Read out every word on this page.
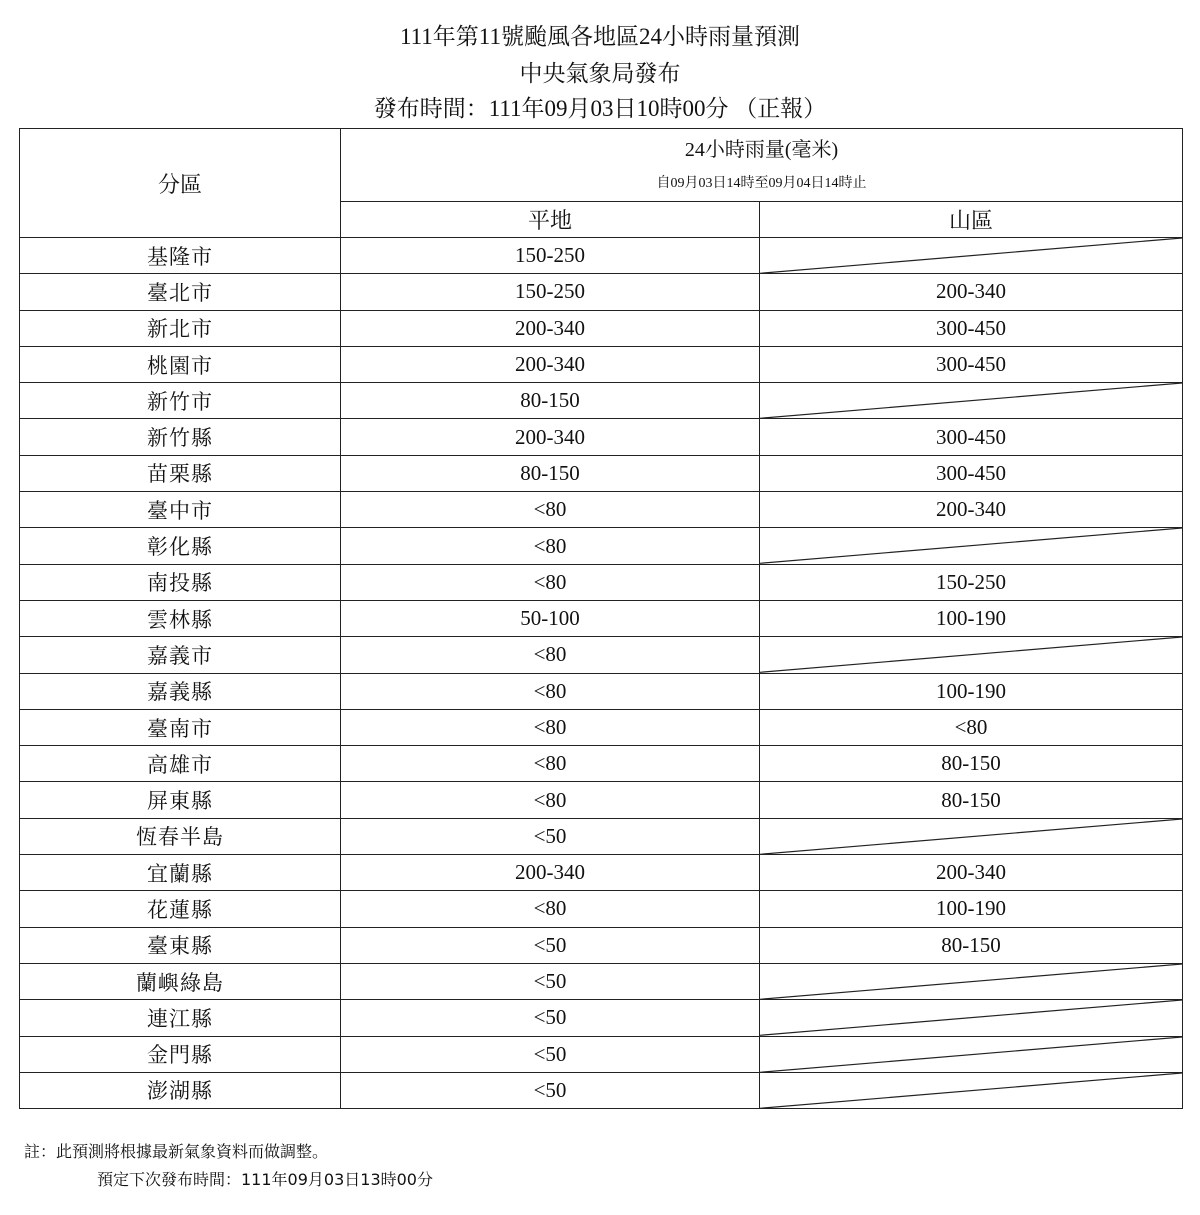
111年第11號颱風各地區24小時雨量預測
中央氣象局發布
發布時間：111年09月03日10時00分 （正報）
分區	24小時雨量(毫米)
自09月03日14時至09月04日14時止	

	平地	山區
基隆市	150-250	

臺北市	150-250	200-340
新北市	200-340	300-450
桃園市	200-340	300-450
新竹市	80-150	

新竹縣	200-340	300-450
苗栗縣	80-150	300-450
臺中市	<80	200-340
彰化縣	<80	

南投縣	<80	150-250
雲林縣	50-100	100-190
嘉義市	<80	

嘉義縣	<80	100-190
臺南市	<80	<80
高雄市	<80	80-150
屏東縣	<80	80-150
恆春半島	<50	

宜蘭縣	200-340	200-340
花蓮縣	<80	100-190
臺東縣	<50	80-150
蘭嶼綠島	<50	

連江縣	<50	

金門縣	<50	

澎湖縣	<50	
註：此預測將根據最新氣象資料而做調整。
預定下次發布時間：111年09月03日13時00分
